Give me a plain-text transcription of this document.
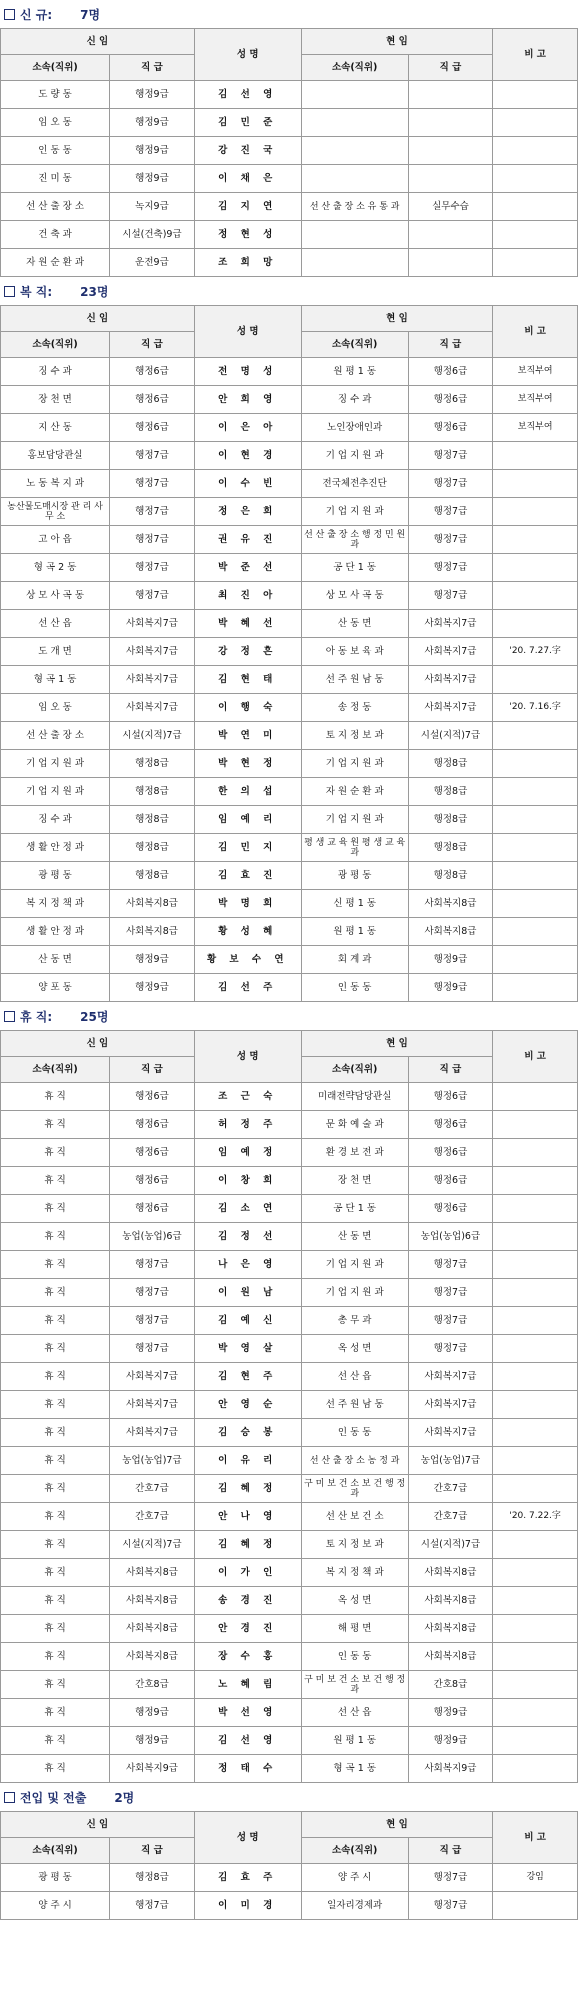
신 규: 7명
신 임		성 명	현 임		비 고
소속(직위)	직 급		소속(직위)	직 급	
도 량 동	행정9급	김 선 영			
임 오 동	행정9급	김 민 준			
인 동 동	행정9급	강 진 국			
진 미 동	행정9급	이 채 은			
선 산 출 장 소	녹지9급	김 지 연	선 산 출 장 소 유 통 과	실무수습	
건 축 과	시설(건축)9급	정 현 성			
자 원 순 환 과	운전9급	조 희 망			
복 직: 23명
신 임		성 명	현 임		비 고
소속(직위)	직 급		소속(직위)	직 급	
징 수 과	행정6급	전 명 성	원 평 1 동	행정6급	보직부여
장 천 면	행정6급	안 희 영	징 수 과	행정6급	보직부여
지 산 동	행정6급	이 은 아	노인장애인과	행정6급	보직부여
홍보담당관실	행정7급	이 현 경	기 업 지 원 과	행정7급	
노 동 복 지 과	행정7급	이 수 빈	전국체전추진단	행정7급	
농산물도매시장 관 리 사 무 소	행정7급	정 은 희	기 업 지 원 과	행정7급	
고 아 읍	행정7급	권 유 진	선 산 출 장 소 행 정 민 원 과	행정7급	
형 곡 2 동	행정7급	박 준 선	공 단 1 동	행정7급	
상 모 사 곡 동	행정7급	최 진 아	상 모 사 곡 동	행정7급	
선 산 읍	사회복지7급	박 혜 선	산 동 면	사회복지7급	
도 개 면	사회복지7급	강 정 흔	아 동 보 육 과	사회복지7급	'20. 7.27.字
형 곡 1 동	사회복지7급	김 현 태	선 주 원 남 동	사회복지7급	
임 오 동	사회복지7급	이 행 숙	송 정 동	사회복지7급	'20. 7.16.字
선 산 출 장 소	시설(지적)7급	박 연 미	토 지 정 보 과	시설(지적)7급	
기 업 지 원 과	행정8급	박 현 정	기 업 지 원 과	행정8급	
기 업 지 원 과	행정8급	한 의 섭	자 원 순 환 과	행정8급	
징 수 과	행정8급	임 예 리	기 업 지 원 과	행정8급	
생 활 안 정 과	행정8급	김 민 지	평 생 교 육 원 평 생 교 육 과	행정8급	
광 평 동	행정8급	김 효 진	광 평 동	행정8급	
복 지 정 책 과	사회복지8급	박 명 희	신 평 1 동	사회복지8급	
생 활 안 정 과	사회복지8급	황 성 혜	원 평 1 동	사회복지8급	
산 동 면	행정9급	황 보 수 연	회 계 과	행정9급	
양 포 동	행정9급	김 선 주	인 동 동	행정9급	
휴 직: 25명
신 임		성 명	현 임		비 고
소속(직위)	직 급		소속(직위)	직 급	
휴 직	행정6급	조 근 숙	미래전략담당관실	행정6급	
휴 직	행정6급	허 정 주	문 화 예 술 과	행정6급	
휴 직	행정6급	임 예 정	환 경 보 전 과	행정6급	
휴 직	행정6급	이 창 희	장 천 면	행정6급	
휴 직	행정6급	김 소 연	공 단 1 동	행정6급	
휴 직	농업(농업)6급	김 정 선	산 동 면	농업(농업)6급	
휴 직	행정7급	나 은 영	기 업 지 원 과	행정7급	
휴 직	행정7급	이 원 남	기 업 지 원 과	행정7급	
휴 직	행정7급	김 예 신	총 무 과	행정7급	
휴 직	행정7급	박 영 살	옥 성 면	행정7급	
휴 직	사회복지7급	김 현 주	선 산 읍	사회복지7급	
휴 직	사회복지7급	안 영 순	선 주 원 남 동	사회복지7급	
휴 직	사회복지7급	김 승 봉	인 동 동	사회복지7급	
휴 직	농업(농업)7급	이 유 리	선 산 출 장 소 농 정 과	농업(농업)7급	
휴 직	간호7급	김 혜 정	구 미 보 건 소 보 건 행 정 과	간호7급	
휴 직	간호7급	안 나 영	선 산 보 건 소	간호7급	'20. 7.22.字
휴 직	시설(지적)7급	김 혜 정	토 지 정 보 과	시설(지적)7급	
휴 직	사회복지8급	이 가 인	복 지 정 책 과	사회복지8급	
휴 직	사회복지8급	송 경 진	옥 성 면	사회복지8급	
휴 직	사회복지8급	안 경 진	해 평 면	사회복지8급	
휴 직	사회복지8급	장 수 홍	인 동 동	사회복지8급	
휴 직	간호8급	노 혜 림	구 미 보 건 소 보 건 행 정 과	간호8급	
휴 직	행정9급	박 선 영	선 산 읍	행정9급	
휴 직	행정9급	김 선 영	원 평 1 동	행정9급	
휴 직	사회복지9급	정 태 수	형 곡 1 동	사회복지9급	
전입 및 전출 2명
신 임		성 명	현 임		비 고
소속(직위)	직 급		소속(직위)	직 급	
광 평 동	행정8급	김 효 주	양 주 시	행정7급	강임
양 주 시	행정7급	이 미 경	일자리경제과	행정7급	
